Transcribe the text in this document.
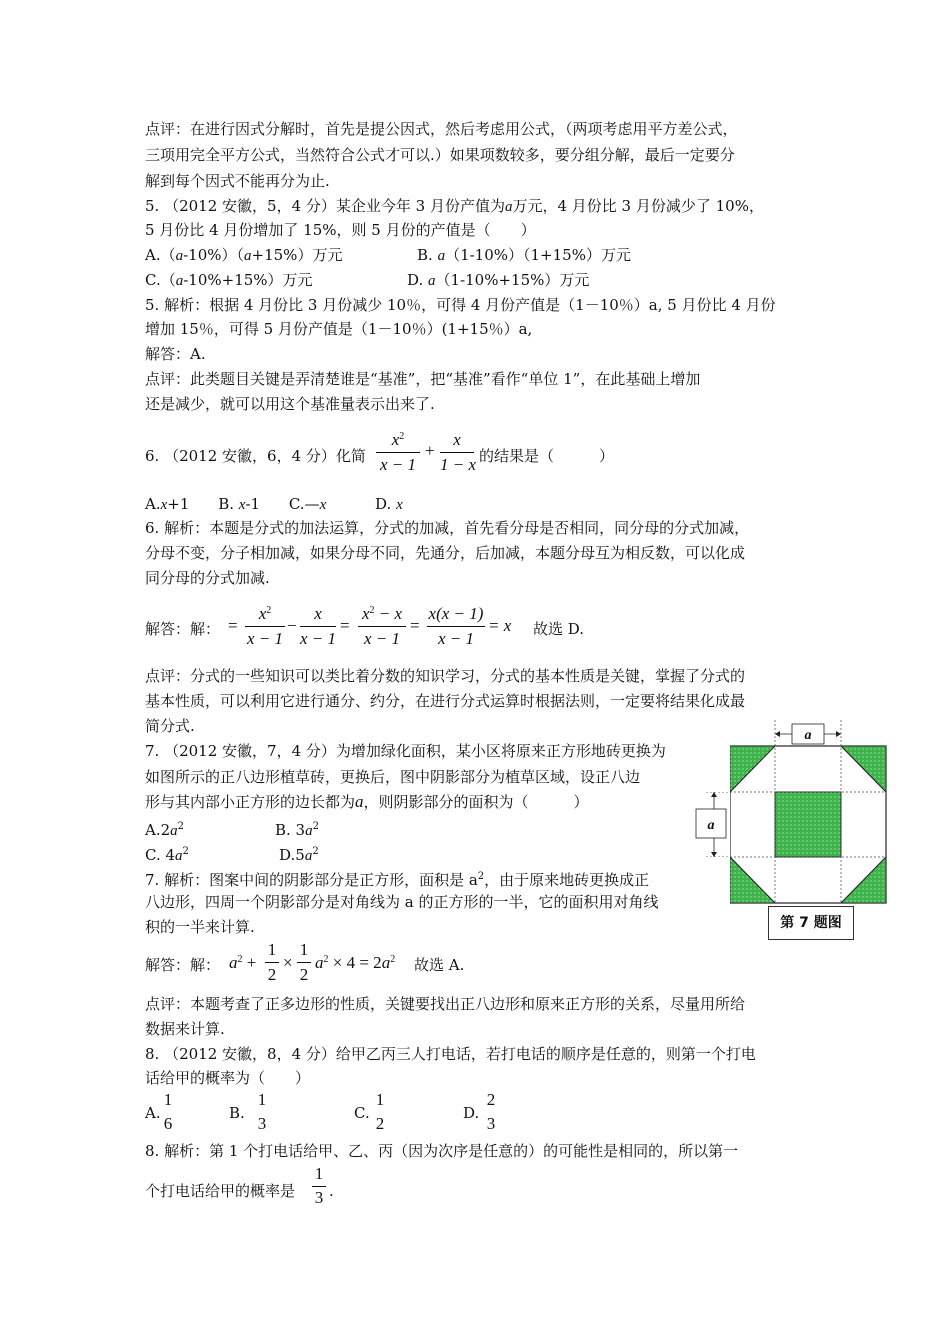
点评：在进行因式分解时，首先是提公因式，然后考虑用公式，（两项考虑用平方差公式，
三项用完全平方公式，当然符合公式才可以.）如果项数较多，要分组分解，最后一定要分
解到每个因式不能再分为止.
5. （2012 安徽，5，4 分）某企业今年 3 月份产值为a万元，4 月份比 3 月份减少了 10%，
5 月份比 4 月份增加了 15%，则 5 月份的产值是（　　）
A.（a-10%）（a+15%）万元	B. a（1-10%）（1+15%）万元
C.（a-10%+15%）万元	D. a（1-10%+15%）万元
5. 解析：根据 4 月份比 3 月份减少 10％，可得 4 月份产值是（1－10％）a, 5 月份比 4 月份
增加 15％，可得 5 月份产值是（1－10％）(1+15％）a,
解答：A.
点评：此类题目关键是弄清楚谁是“基准”，把“基准”看作“单位 1”，在此基础上增加
还是减少，就可以用这个基准量表示出来了.
6. （2012 安徽，6，4 分）化简
$x^2$
x − 1
+
x
1 − x 的结果是（　　　）
A.x+1 B. x-1 C.—x	D. x
6. 解析：本题是分式的加法运算，分式的加减，首先看分母是否相同，同分母的分式加减，
分母不变，分子相加减，如果分母不同，先通分，后加减，本题分母互为相反数，可以化成
同分母的分式加减.
解答：解： =
$x^2$
x − 1
−
x
x − 1
=
$x^2 - x$
x − 1
=
x(x − 1)
x − 1
= x 故选 D.
点评：分式的一些知识可以类比着分数的知识学习，分式的基本性质是关键，掌握了分式的
基本性质，可以利用它进行通分、约分，在进行分式运算时根据法则，一定要将结果化成最
简分式.
7. （2012 安徽，7，4 分）为增加绿化面积，某小区将原来正方形地砖更换为
如图所示的正八边形植草砖，更换后，图中阴影部分为植草区域，设正八边
形与其内部小正方形的边长都为a，则阴影部分的面积为（　　　）
$A.2a^2$	B. $3a^2$
C. $4a^2$	$D.5a^2$
7. 解析：图案中间的阴影部分是正方形，面积是 $a^2$，由于原来地砖更换成正
八边形，四周一个阴影部分是对角线为 a 的正方形的一半，它的面积用对角线
积的一半来计算.
解答：解： $a^2$ +
1
2
×
1
2
$a^2 \times 4 = 2a^2$ 故选 A.
点评：本题考查了正多边形的性质，关键要找出正八边形和原来正方形的关系，尽量用所给
数据来计算.
8. （2012 安徽，8，4 分）给甲乙丙三人打电话，若打电话的顺序是任意的，则第一个打电
话给甲的概率为（　　）
A.
1
6
B.
1
3
C.
1
2
D.
2
3
8. 解析：第 1 个打电话给甲、乙、丙（因为次序是任意的）的可能性是相同的，所以第一
个打电话给甲的概率是
1
3 .
a
a
第 7 题图
